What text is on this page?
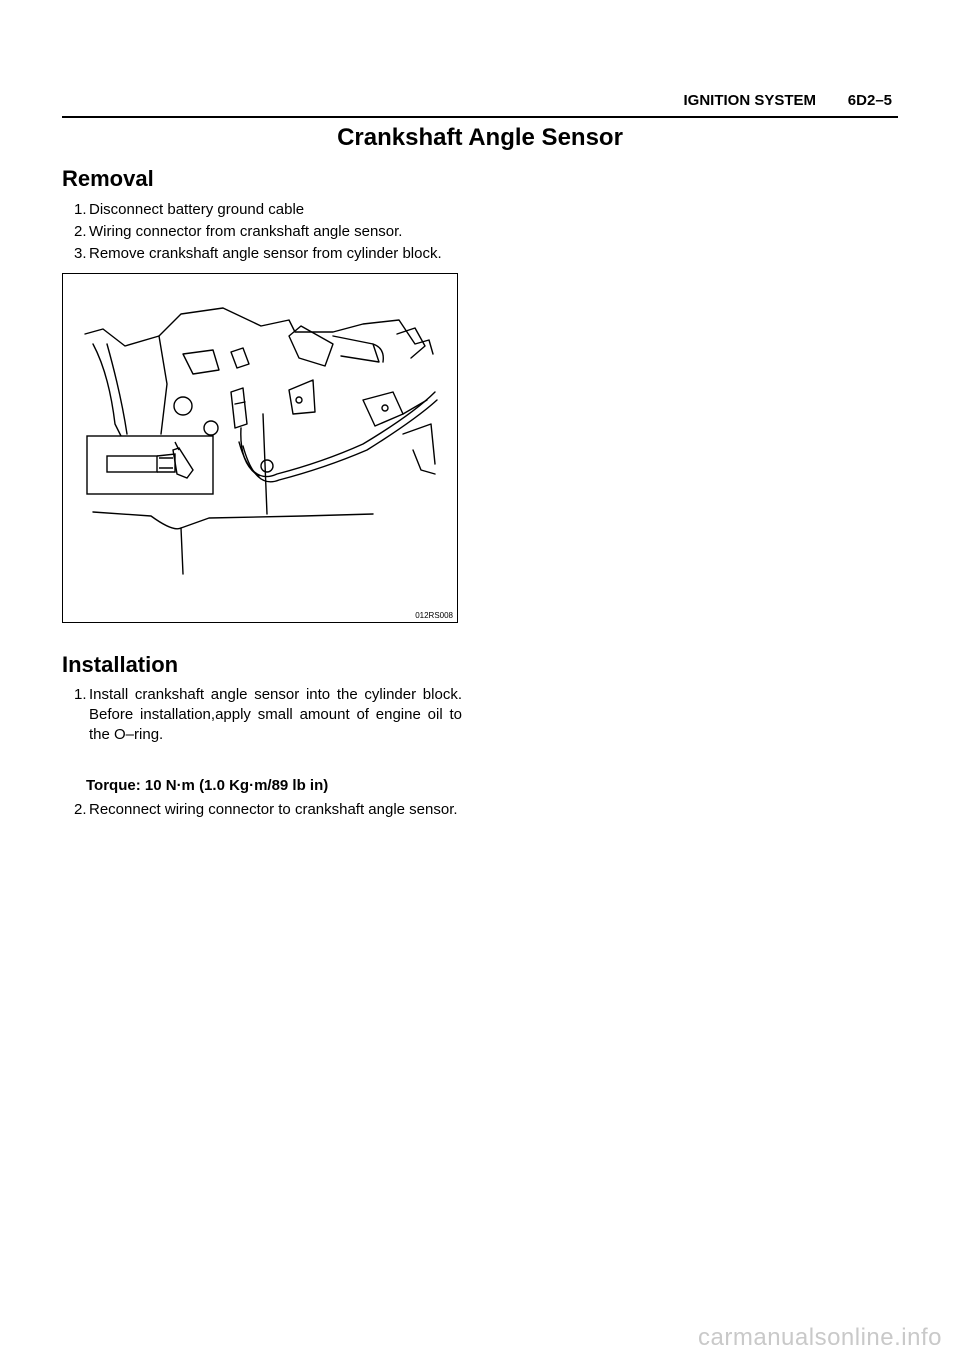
IGNITION SYSTEM 6D2–5
Crankshaft Angle Sensor
Removal
1. Disconnect battery ground cable
2. Wiring connector from crankshaft angle sensor.
3. Remove crankshaft angle sensor from cylinder block.
012RS008
Installation
1. Install crankshaft angle sensor into the cylinder block. Before installation,apply small amount of engine oil to the O–ring.
Torque: 10 N·m (1.0 Kg·m/89 lb in)
2. Reconnect wiring connector to crankshaft angle sensor.
carmanualsonline.info
